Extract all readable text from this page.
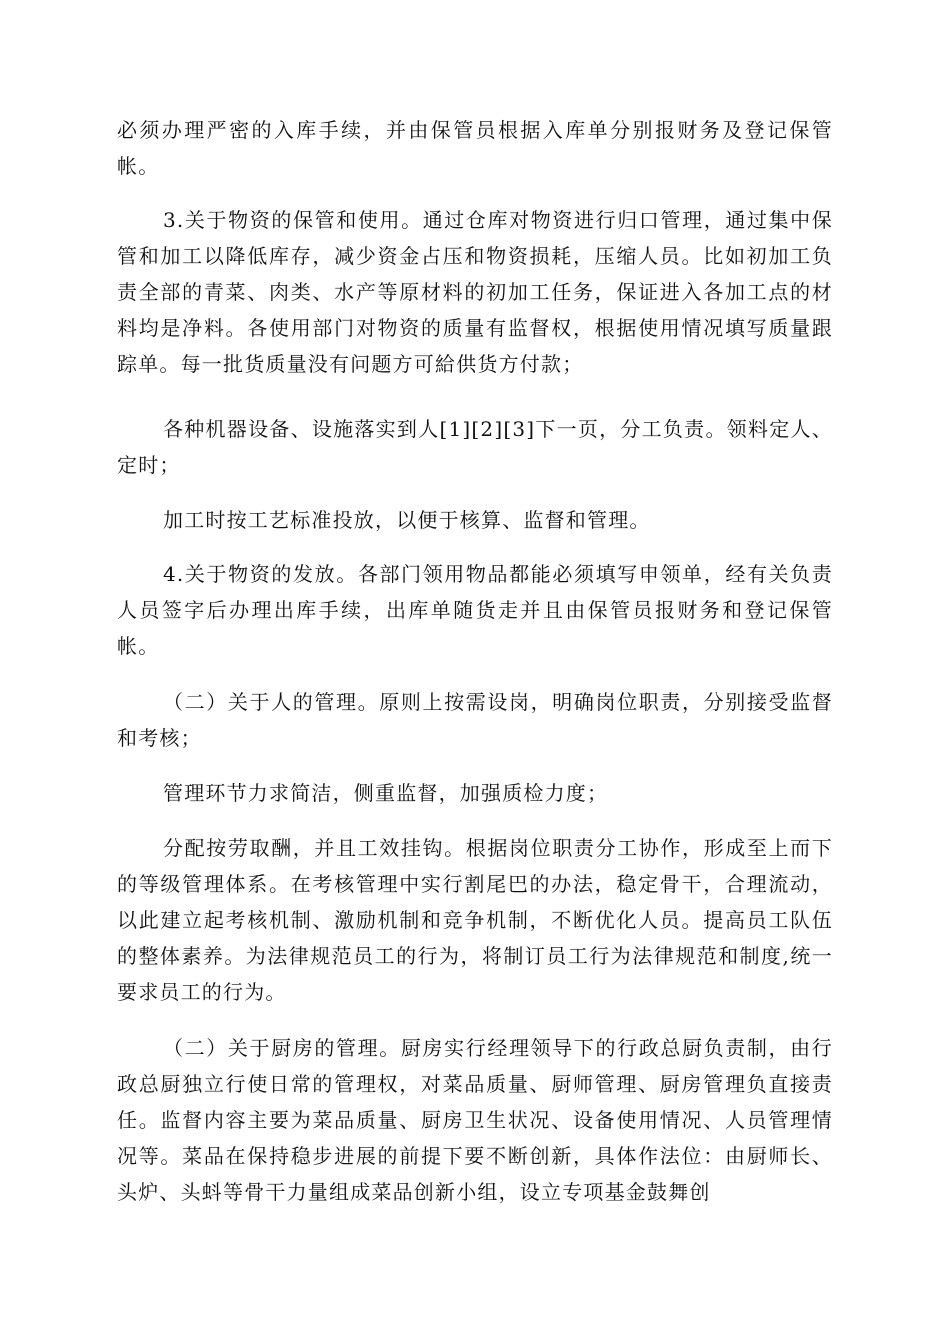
必须办理严密的入库手续，并由保管员根据入库单分别报财务及登记保管帐。

3.关于物资的保管和使用。通过仓库对物资进行归口管理，通过集中保管和加工以降低库存，减少资金占压和物资损耗，压缩人员。比如初加工负责全部的青菜、肉类、水产等原材料的初加工任务，保证进入各加工点的材料均是净料。各使用部门对物资的质量有监督权，根据使用情况填写质量跟踪单。每一批货质量没有问题方可給供货方付款；

各种机器设备、设施落实到人[1][2][3]下一页，分工负责。领料定人、定时；

加工时按工艺标准投放，以便于核算、监督和管理。

4.关于物资的发放。各部门领用物品都能必须填写申领单，经有关负责人员签字后办理出库手续，出库单随货走并且由保管员报财务和登记保管帐。

（二）关于人的管理。原则上按需设岗，明确岗位职责，分别接受监督和考核；

管理环节力求简洁，侧重监督，加强质检力度；

分配按劳取酬，并且工效挂钩。根据岗位职责分工协作，形成至上而下的等级管理体系。在考核管理中实行割尾巴的办法，稳定骨干，合理流动，以此建立起考核机制、激励机制和竞争机制，不断优化人员。提高员工队伍的整体素养。为法律规范员工的行为，将制订员工行为法律规范和制度,统一要求员工的行为。

（二）关于厨房的管理。厨房实行经理领导下的行政总厨负责制，由行政总厨独立行使日常的管理权，对菜品质量、厨师管理、厨房管理负直接责任。监督内容主要为菜品质量、厨房卫生状况、设备使用情况、人员管理情况等。菜品在保持稳步进展的前提下要不断创新，具体作法位：由厨师长、头炉、头蚪等骨干力量组成菜品创新小组，设立专项基金鼓舞创
